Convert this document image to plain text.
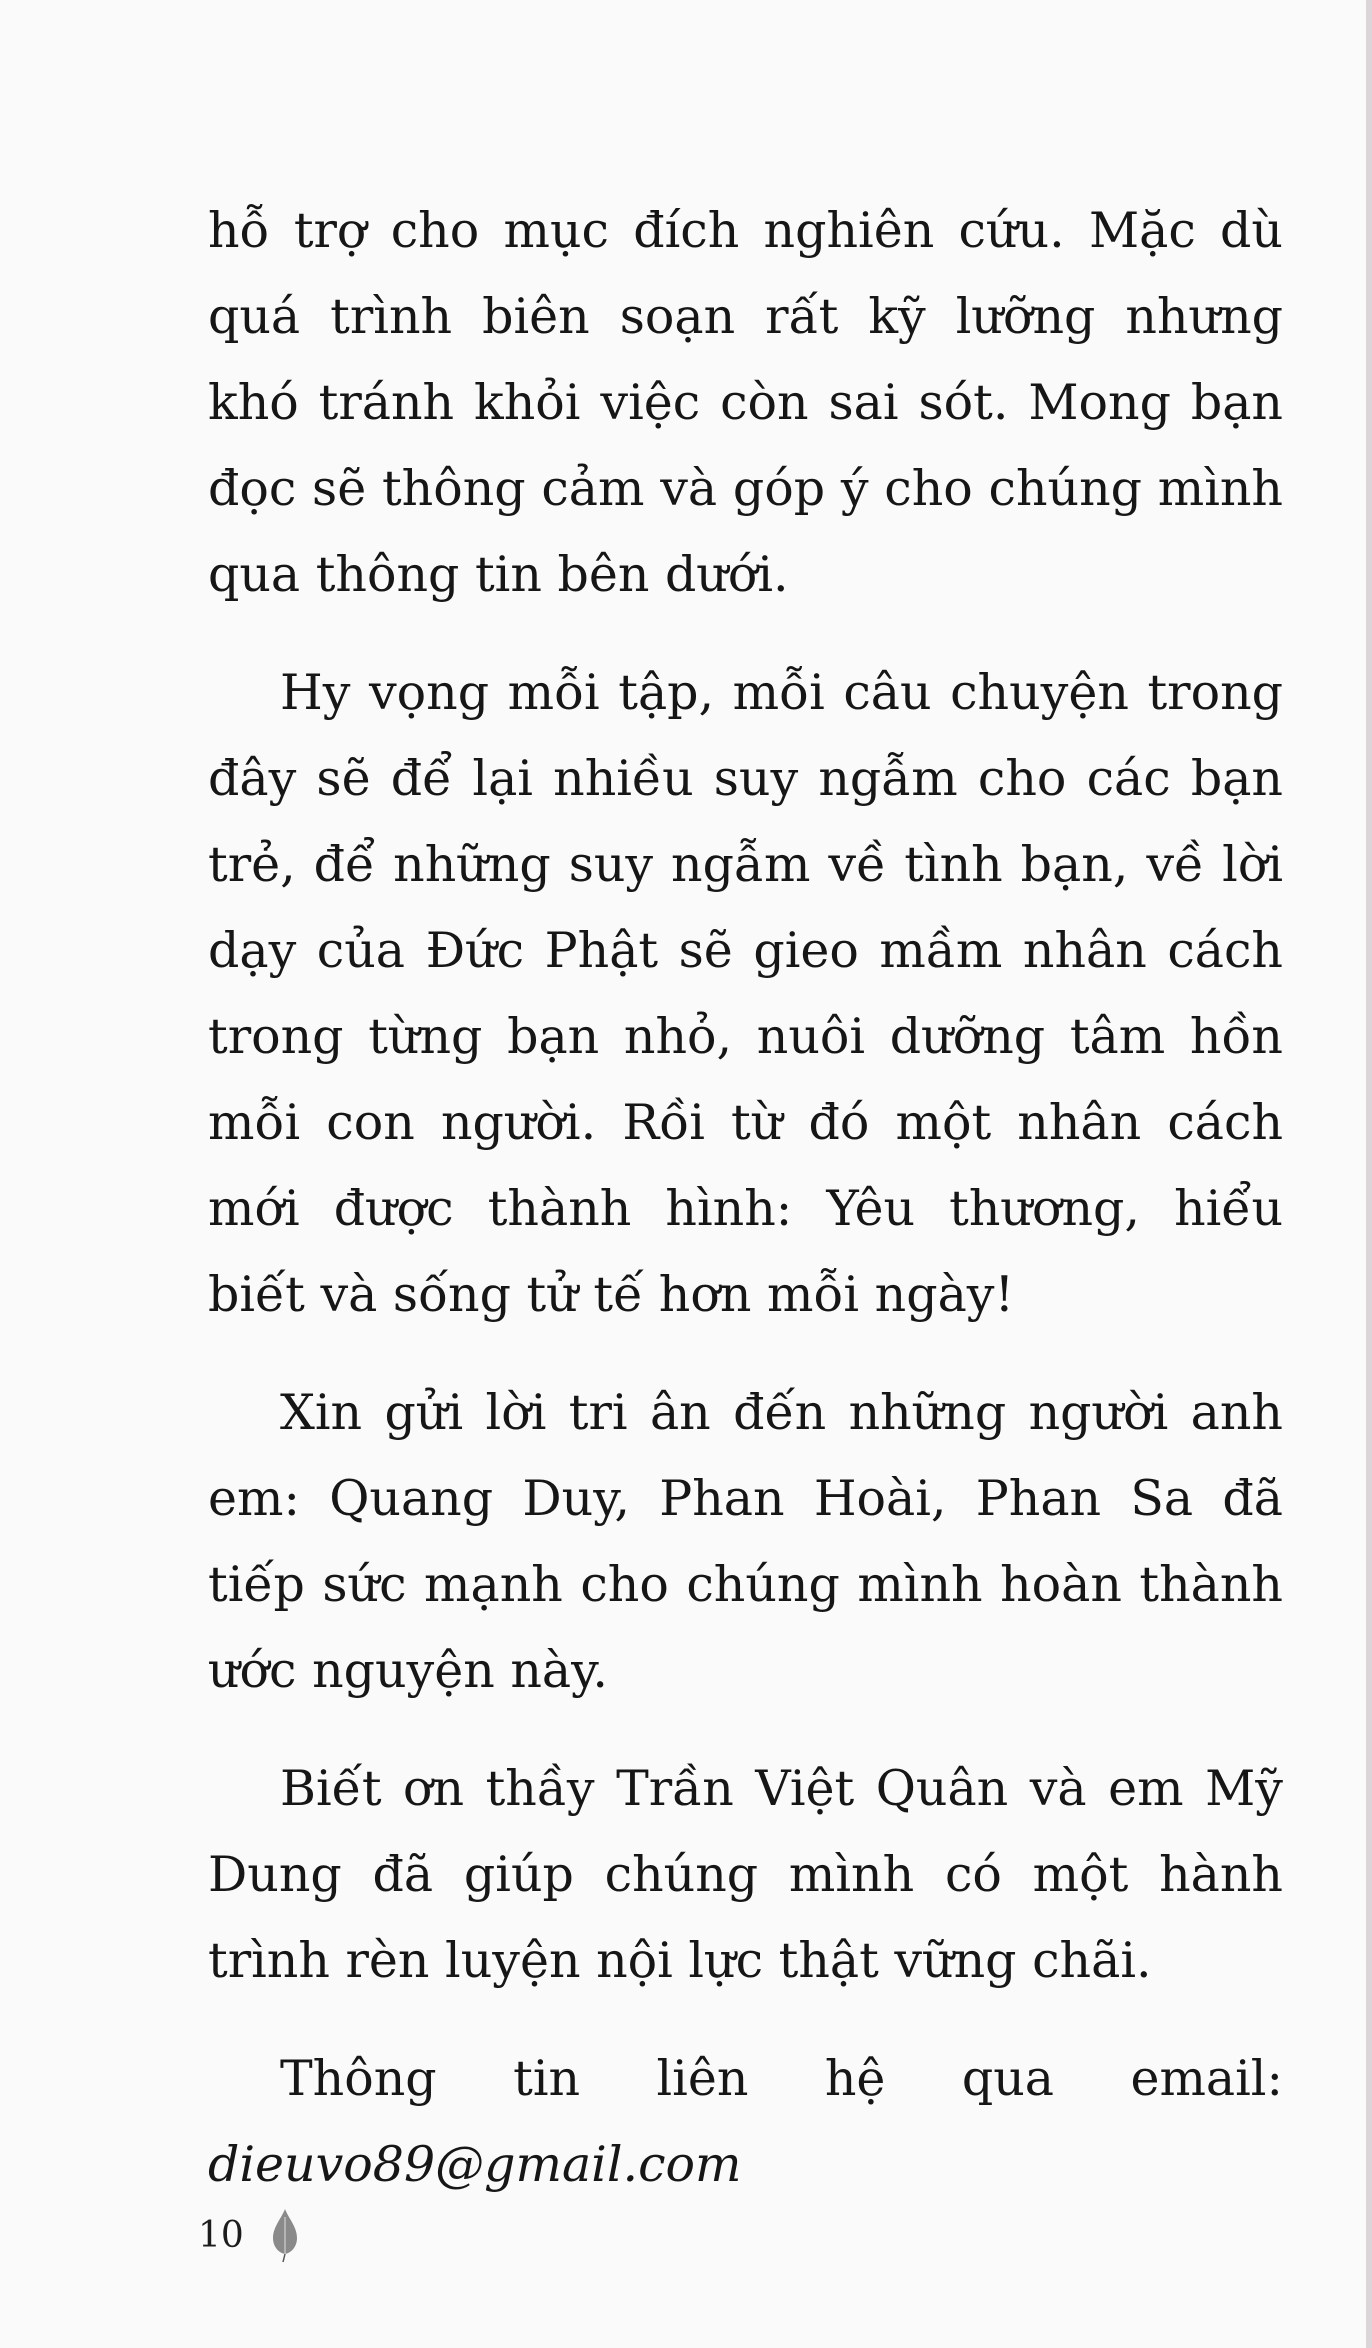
hỗ trợ cho mục đích nghiên cứu. Mặc dù quá trình biên soạn rất kỹ lưỡng nhưng khó tránh khỏi việc còn sai sót. Mong bạn đọc sẽ thông cảm và góp ý cho chúng mình qua thông tin bên dưới.

Hy vọng mỗi tập, mỗi câu chuyện trong đây sẽ để lại nhiều suy ngẫm cho các bạn trẻ, để những suy ngẫm về tình bạn, về lời dạy của Đức Phật sẽ gieo mầm nhân cách trong từng bạn nhỏ, nuôi dưỡng tâm hồn mỗi con người. Rồi từ đó một nhân cách mới được thành hình: Yêu thương, hiểu biết và sống tử tế hơn mỗi ngày!

Xin gửi lời tri ân đến những người anh em: Quang Duy, Phan Hoài, Phan Sa đã tiếp sức mạnh cho chúng mình hoàn thành ước nguyện này.

Biết ơn thầy Trần Việt Quân và em Mỹ Dung đã giúp chúng mình có một hành trình rèn luyện nội lực thật vững chãi.

Thông tin liên hệ qua email: dieuvo89@gmail.com

10
